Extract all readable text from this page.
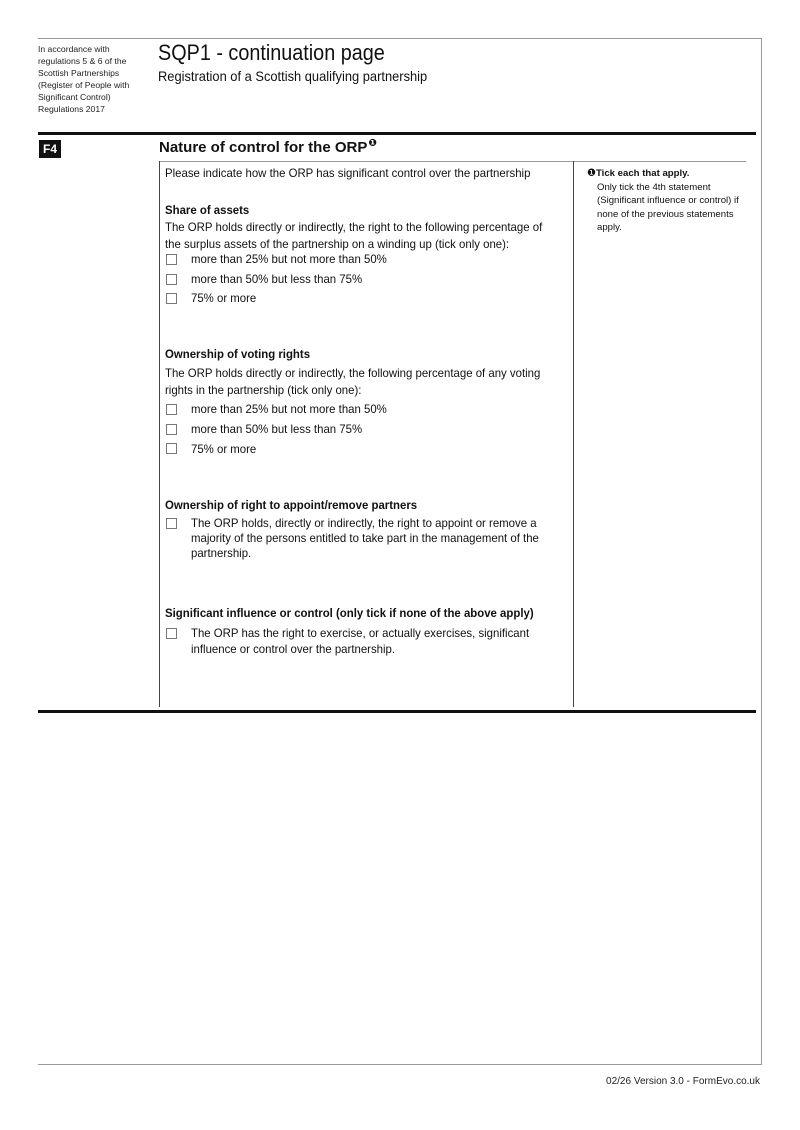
In accordance with regulations 5 & 6 of the Scottish Partnerships (Register of People with Significant Control) Regulations 2017
SQP1 - continuation page
Registration of a Scottish qualifying partnership
F4	Nature of control for the ORP❶
Please indicate how the ORP has significant control over the partnership
Share of assets
The ORP holds directly or indirectly, the right to the following percentage of
the surplus assets of the partnership on a winding up (tick only one):
more than 25% but not more than 50%
more than 50% but less than 75%
75% or more
Ownership of voting rights
The ORP holds directly or indirectly, the following percentage of any voting
rights in the partnership (tick only one):
more than 25% but not more than 50%
more than 50% but less than 75%
75% or more
Ownership of right to appoint/remove partners
The ORP holds, directly or indirectly, the right to appoint or remove a
majority of the persons entitled to take part in the management of the
partnership.
Significant influence or control (only tick if none of the above apply)
The ORP has the right to exercise, or actually exercises, significant
influence or control over the partnership.
❶Tick each that apply.
Only tick the 4th statement
(Significant influence or control) if
none of the previous statements
apply.
02/26 Version 3.0 - FormEvo.co.uk
